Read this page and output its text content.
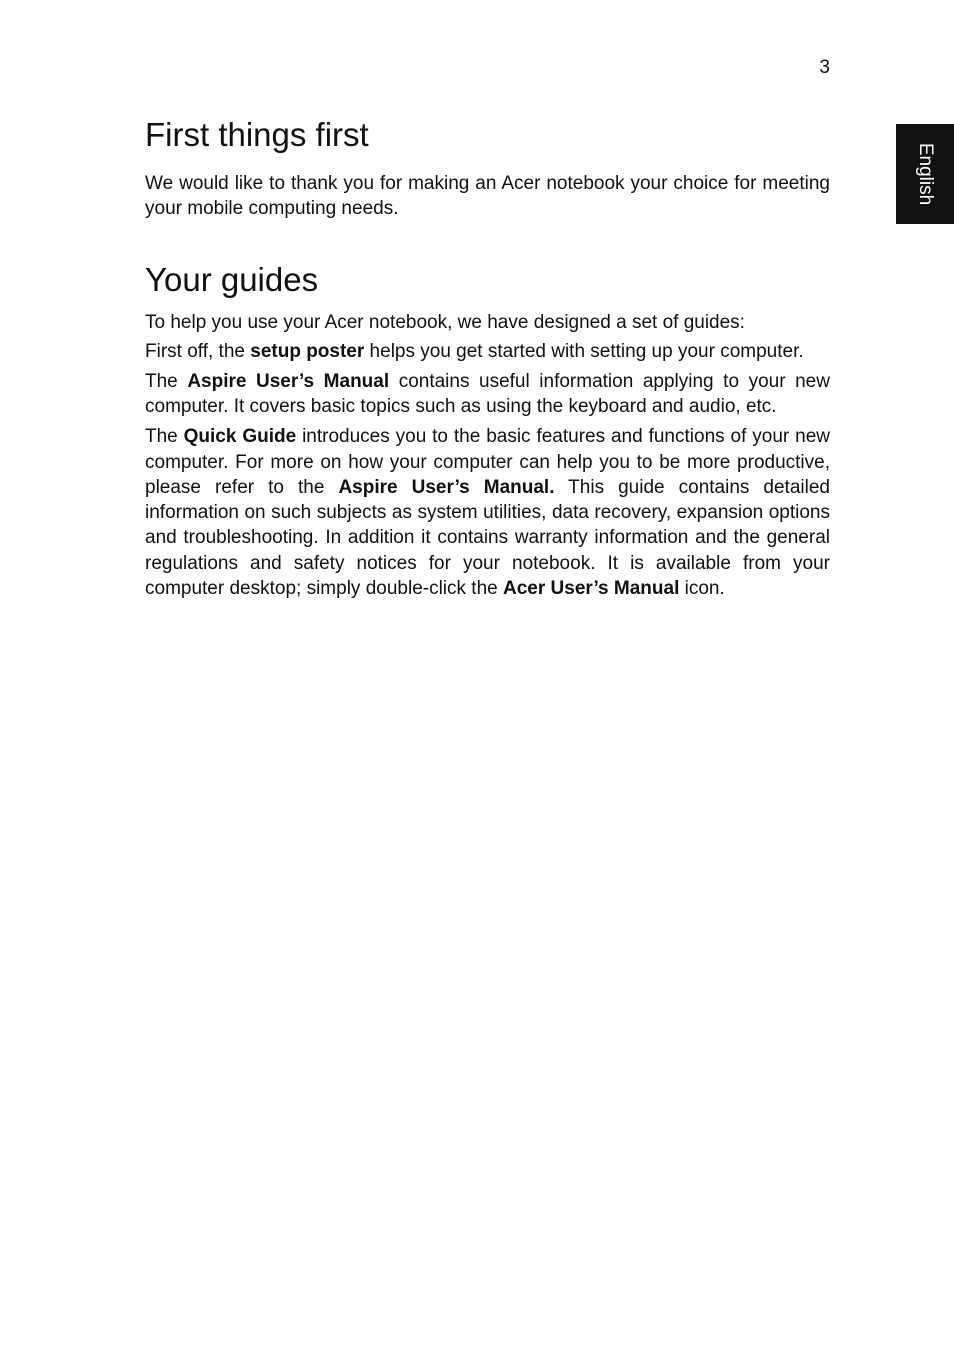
3
English
First things first

We would like to thank you for making an Acer notebook your choice for meeting your mobile computing needs.

Your guides

To help you use your Acer notebook, we have designed a set of guides:

First off, the setup poster helps you get started with setting up your computer.

The Aspire User’s Manual contains useful information applying to your new computer. It covers basic topics such as using the keyboard and audio, etc.

The Quick Guide introduces you to the basic features and functions of your new computer. For more on how your computer can help you to be more productive, please refer to the Aspire User’s Manual. This guide contains detailed information on such subjects as system utilities, data recovery, expansion options and troubleshooting. In addition it contains warranty information and the general regulations and safety notices for your notebook. It is available from your computer desktop; simply double-click the Acer User’s Manual icon.
